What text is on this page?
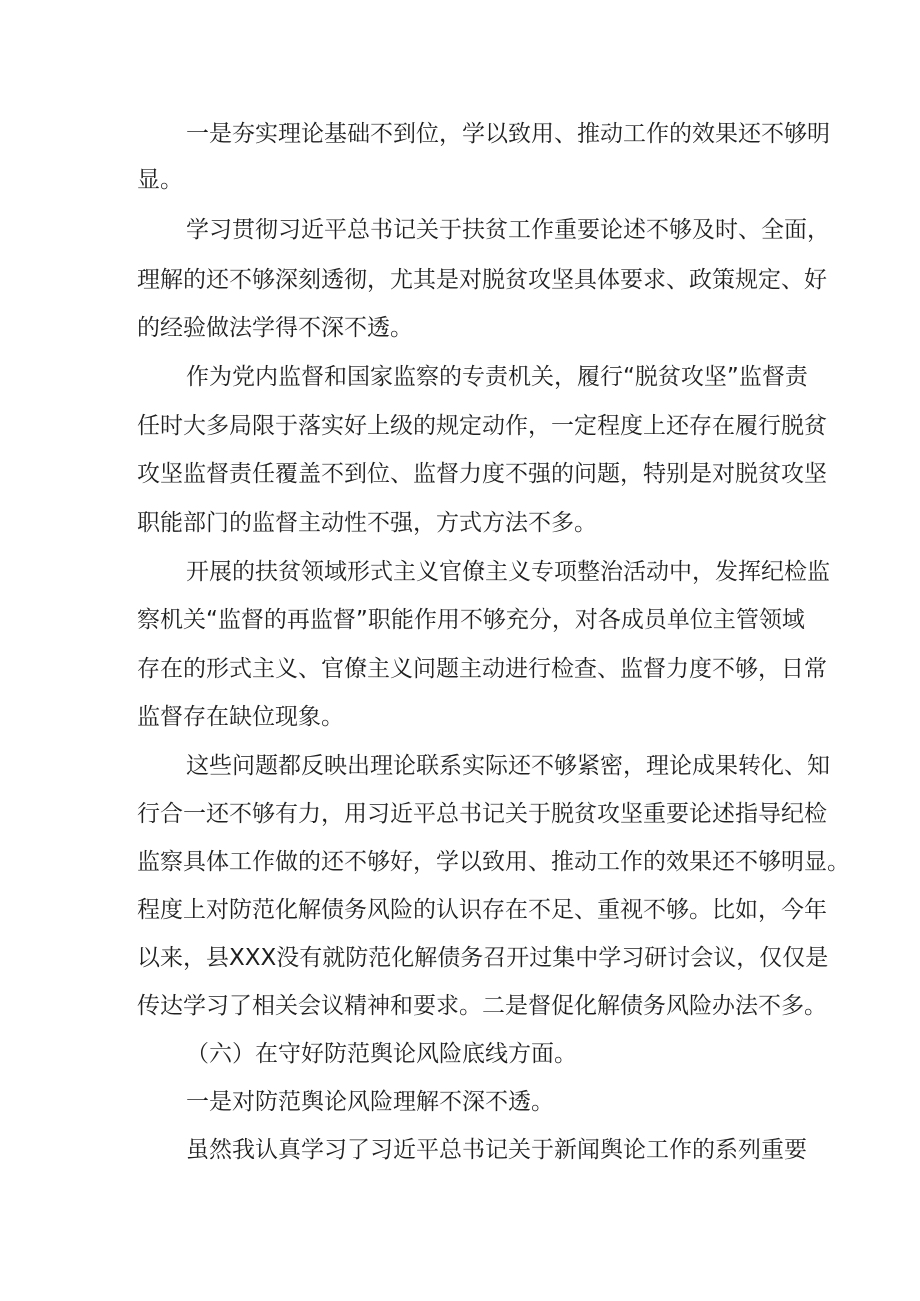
一是夯实理论基础不到位，学以致用、推动工作的效果还不够明

显。

学习贯彻习近平总书记关于扶贫工作重要论述不够及时、全面，

理解的还不够深刻透彻，尤其是对脱贫攻坚具体要求、政策规定、好

的经验做法学得不深不透。

作为党内监督和国家监察的专责机关，履行“脱贫攻坚”监督责

任时大多局限于落实好上级的规定动作，一定程度上还存在履行脱贫

攻坚监督责任覆盖不到位、监督力度不强的问题，特别是对脱贫攻坚

职能部门的监督主动性不强，方式方法不多。

开展的扶贫领域形式主义官僚主义专项整治活动中，发挥纪检监

察机关“监督的再监督”职能作用不够充分，对各成员单位主管领域

存在的形式主义、官僚主义问题主动进行检查、监督力度不够，日常

监督存在缺位现象。

这些问题都反映出理论联系实际还不够紧密，理论成果转化、知

行合一还不够有力，用习近平总书记关于脱贫攻坚重要论述指导纪检

监察具体工作做的还不够好，学以致用、推动工作的效果还不够明显。

程度上对防范化解债务风险的认识存在不足、重视不够。比如，今年

以来，县XXX没有就防范化解债务召开过集中学习研讨会议，仅仅是

传达学习了相关会议精神和要求。二是督促化解债务风险办法不多。

（六）在守好防范舆论风险底线方面。

一是对防范舆论风险理解不深不透。

虽然我认真学习了习近平总书记关于新闻舆论工作的系列重要
